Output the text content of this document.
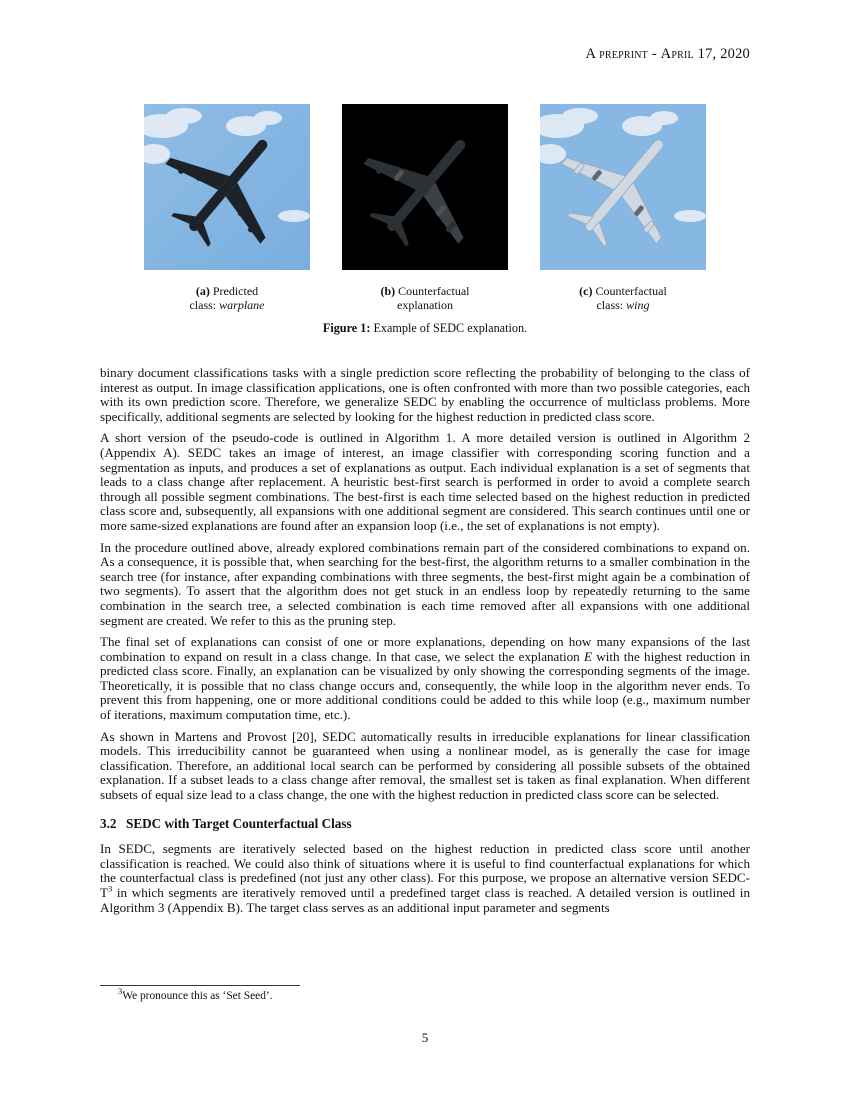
A preprint - April 17, 2020
(a) Predicted
class: warplane
(b) Counterfactual
explanation
(c) Counterfactual
class: wing
Figure 1: Example of SEDC explanation.

binary document classifications tasks with a single prediction score reflecting the probability of belonging to the class of interest as output. In image classification applications, one is often confronted with more than two possible categories, each with its own prediction score. Therefore, we generalize SEDC by enabling the occurrence of multiclass problems. More specifically, additional segments are selected by looking for the highest reduction in predicted class score.

A short version of the pseudo-code is outlined in Algorithm 1. A more detailed version is outlined in Algorithm 2 (Appendix A). SEDC takes an image of interest, an image classifier with corresponding scoring function and a segmentation as inputs, and produces a set of explanations as output. Each individual explanation is a set of segments that leads to a class change after replacement. A heuristic best-first search is performed in order to avoid a complete search through all possible segment combinations. The best-first is each time selected based on the highest reduction in predicted class score and, subsequently, all expansions with one additional segment are considered. This search continues until one or more same-sized explanations are found after an expansion loop (i.e., the set of explanations is not empty).

In the procedure outlined above, already explored combinations remain part of the considered combinations to expand on. As a consequence, it is possible that, when searching for the best-first, the algorithm returns to a smaller combination in the search tree (for instance, after expanding combinations with three segments, the best-first might again be a combination of two segments). To assert that the algorithm does not get stuck in an endless loop by repeatedly returning to the same combination in the search tree, a selected combination is each time removed after all expansions with one additional segment are created. We refer to this as the pruning step.

The final set of explanations can consist of one or more explanations, depending on how many expansions of the last combination to expand on result in a class change. In that case, we select the explanation E with the highest reduction in predicted class score. Finally, an explanation can be visualized by only showing the corresponding segments of the image. Theoretically, it is possible that no class change occurs and, consequently, the while loop in the algorithm never ends. To prevent this from happening, one or more additional conditions could be added to this while loop (e.g., maximum number of iterations, maximum computation time, etc.).

As shown in Martens and Provost [20], SEDC automatically results in irreducible explanations for linear classification models. This irreducibility cannot be guaranteed when using a nonlinear model, as is generally the case for image classification. Therefore, an additional local search can be performed by considering all possible subsets of the obtained explanation. If a subset leads to a class change after removal, the smallest set is taken as final explanation. When different subsets of equal size lead to a class change, the one with the highest reduction in predicted class score can be selected.

3.2 SEDC with Target Counterfactual Class

In SEDC, segments are iteratively selected based on the highest reduction in predicted class score until another classification is reached. We could also think of situations where it is useful to find counterfactual explanations for which the counterfactual class is predefined (not just any other class). For this purpose, we propose an alternative version SEDC-$T^3$ in which segments are iteratively removed until a predefined target class is reached. A detailed version is outlined in Algorithm 3 (Appendix B). The target class serves as an additional input parameter and segments

$^3$We pronounce this as ‘Set Seed’.
5
